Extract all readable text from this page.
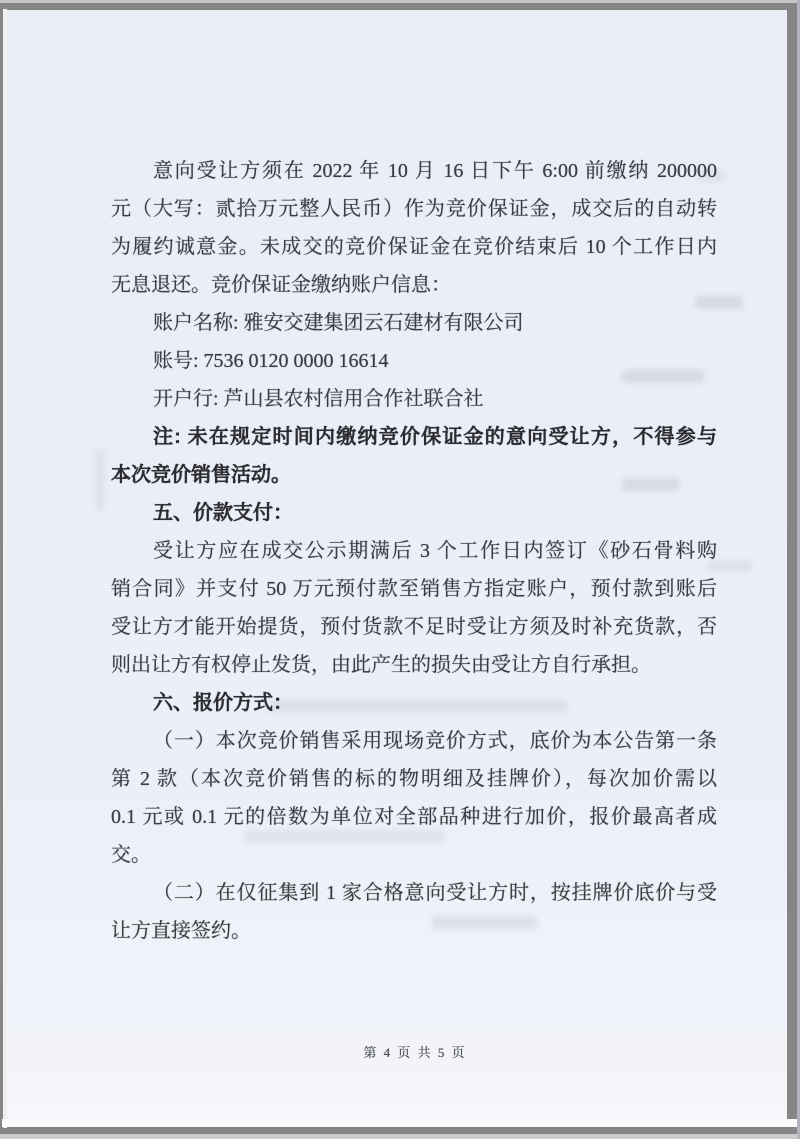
意向受让方须在 2022 年 10 月 16 日下午 6:00 前缴纳 200000
元（大写：贰拾万元整人民币）作为竞价保证金，成交后的自动转
为履约诚意金。未成交的竞价保证金在竞价结束后 10 个工作日内
无息退还。竞价保证金缴纳账户信息：
账户名称: 雅安交建集团云石建材有限公司
账号: 7536 0120 0000 16614
开户行: 芦山县农村信用合作社联合社
注: 未在规定时间内缴纳竞价保证金的意向受让方，不得参与
本次竞价销售活动。
五、价款支付：
受让方应在成交公示期满后 3 个工作日内签订《砂石骨料购
销合同》并支付 50 万元预付款至销售方指定账户，预付款到账后
受让方才能开始提货，预付货款不足时受让方须及时补充货款，否
则出让方有权停止发货，由此产生的损失由受让方自行承担。
六、报价方式：
（一）本次竞价销售采用现场竞价方式，底价为本公告第一条
第 2 款（本次竞价销售的标的物明细及挂牌价），每次加价需以
0.1 元或 0.1 元的倍数为单位对全部品种进行加价，报价最高者成
交。
（二）在仅征集到 1 家合格意向受让方时，按挂牌价底价与受
让方直接签约。
第 4 页 共 5 页
